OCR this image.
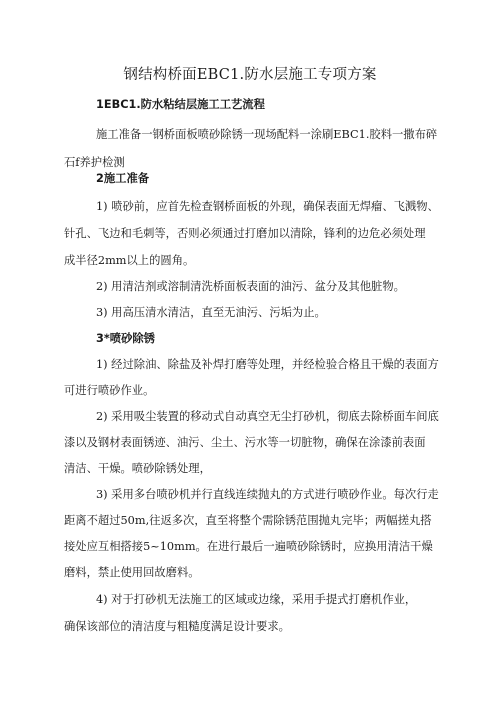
钢结构桥面EBC1.防水层施工专项方案
1EBC1.防水粘结层施工工艺流程
施工准备一钢桥面板喷砂除锈一现场配料一涂刷EBC1.胶料一撒布碎
石f养护检测
2施工准备
1) 喷砂前，应首先检查钢桥面板的外现，确保表面无焊瘤、飞溅物、
针孔、飞边和毛刺等，否则必须通过打磨加以清除，锋利的边危必须处理
成半径2mm以上的圆角。
2) 用清洁剂或溶制清洗桥面板表面的油污、盆分及其他脏物。
3) 用高压清水清洁，直至无油污、污垢为止。
3*喷砂除锈
1) 经过除油、除盐及补焊打磨等处理，并经检验合格且干燥的表面方
可进行喷砂作业。
2) 采用吸尘装置的移动式自动真空无尘打砂机，彻底去除桥面车间底
漆以及钢材表面锈迹、油污、尘土、污水等一切脏物，确保在涂漆前表面
清洁、干燥。喷砂除锈处理，
3) 采用多台喷砂机并行直线连续抛丸的方式进行喷砂作业。每次行走
距离不超过50m,往返多次，直至将整个需除锈范围抛丸完毕；两幅搓丸搭
接处应互相搭接5~10mm。在进行最后一遍喷砂除锈时，应换用清洁干燥
磨料，禁止使用回故磨料。
4) 对于打砂机无法施工的区域或边缘，采用手提式打磨机作业，
确保该部位的清洁度与粗糙度满足设计要求。
